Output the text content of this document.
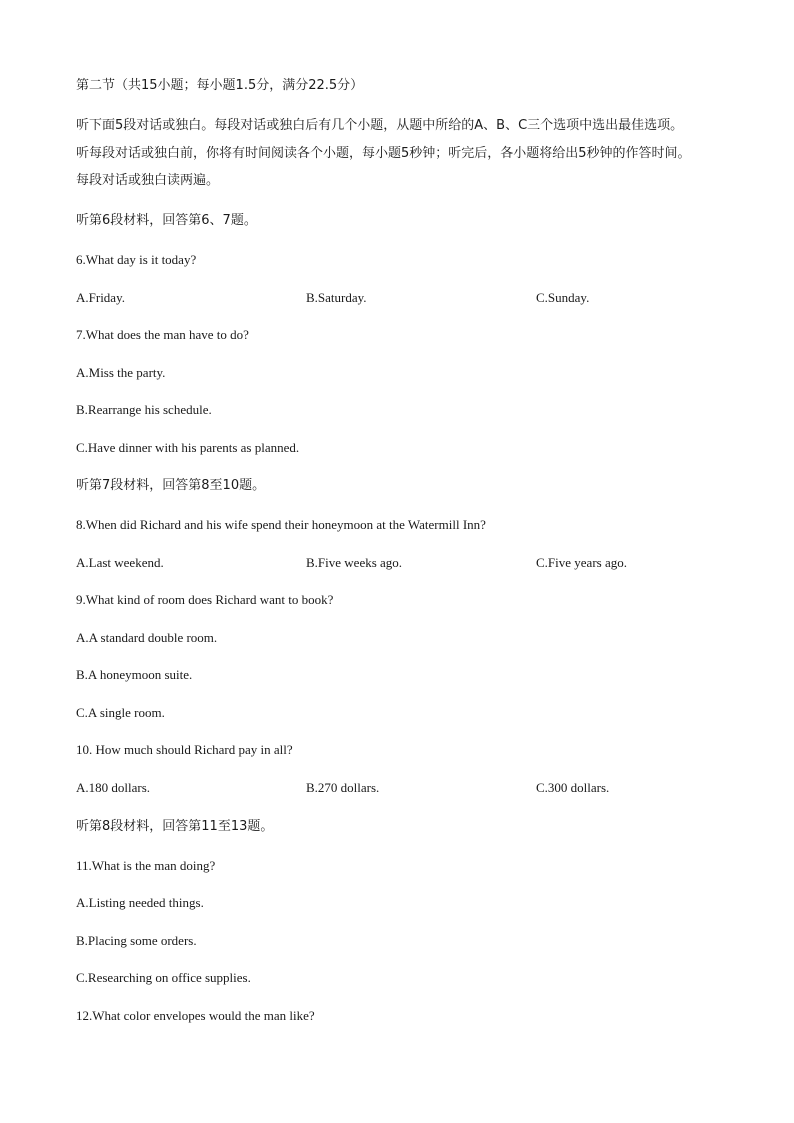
第二节（共15小题；每小题1.5分，满分22.5分）
听下面5段对话或独白。每段对话或独白后有几个小题，从题中所给的A、B、C三个选项中选出最佳选项。
听每段对话或独白前，你将有时间阅读各个小题，每小题5秒钟；听完后，各小题将给出5秒钟的作答时间。
每段对话或独白读两遍。
听第6段材料，回答第6、7题。
6.What day is it today?
A.Friday.	B.Saturday.	C.Sunday.
7.What does the man have to do?
A.Miss the party.
B.Rearrange his schedule.
C.Have dinner with his parents as planned.
听第7段材料，回答第8至10题。
8.When did Richard and his wife spend their honeymoon at the Watermill Inn?
A.Last weekend.	B.Five weeks ago.	C.Five years ago.
9.What kind of room does Richard want to book?
A.A standard double room.
B.A honeymoon suite.
C.A single room.
10. How much should Richard pay in all?
A.180 dollars.	B.270 dollars.	C.300 dollars.
听第8段材料，回答第11至13题。
11.What is the man doing?
A.Listing needed things.
B.Placing some orders.
C.Researching on office supplies.
12.What color envelopes would the man like?
